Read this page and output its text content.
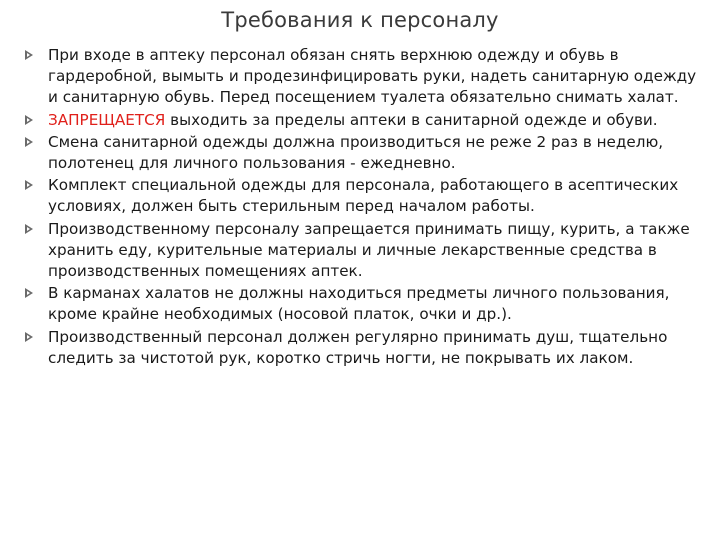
Требования к персоналу
При входе в аптеку персонал обязан снять верхнюю одежду и обувь в гардеробной, вымыть и продезинфицировать руки, надеть санитарную одежду и санитарную обувь. Перед посещением туалета обязательно снимать халат.
ЗАПРЕЩАЕТСЯ выходить за пределы аптеки в санитарной одежде и обуви.
Смена санитарной одежды должна производиться не реже 2 раз в неделю, полотенец для личного пользования - ежедневно.
Комплект специальной одежды для персонала, работающего в асептических условиях, должен быть стерильным перед началом работы.
Производственному персоналу запрещается принимать пищу, курить, а также хранить еду, курительные материалы и личные лекарственные средства в производственных помещениях аптек.
В карманах халатов не должны находиться предметы личного пользования, кроме крайне необходимых (носовой платок, очки и др.).
Производственный персонал должен регулярно принимать душ, тщательно следить за чистотой рук, коротко стричь ногти, не покрывать их лаком.
